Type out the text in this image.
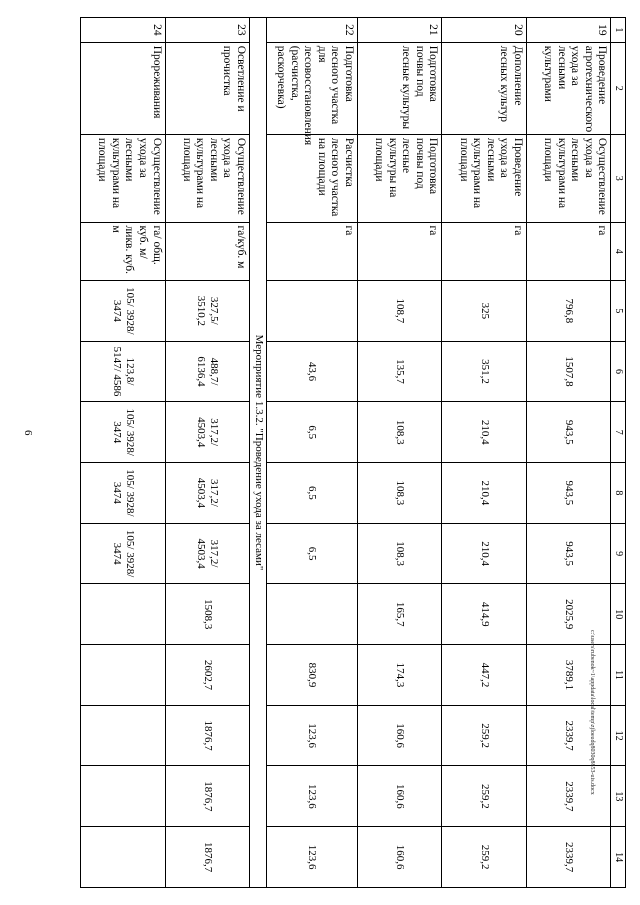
6
1	2	3	4	5	6	7	8	9	10	11	12	13	14
19	Проведение агротехнического ухода за лесными культурами	Осуществление ухода за лесными культурами на площади	га	796,8	1507,8	943,5	943,5	943,5	2025,9	3789,1	2339,7	2339,7	2339,7
20	Дополнение лесных культур	Проведение ухода за лесными культурами на площади	га	325	351,2	210,4	210,4	210,4	414,9	447,2	259,2	259,2	259,2
21	Подготовка почвы под лесные культуры	Подготовка почвы под лесные культуры на площади	га	108,7	135,7	108,3	108,3	108,3	165,7	174,3	160,6	160,6	160,6
22	Подготовка лесного участка для лесовосстановления (расчистка, раскорчевка)	Расчистка лесного участка на площади	га		43,6	6,5	6,5	6,5		830,9	123,6	123,6	123,6
Мероприятие 1.3.2. "Проведение ухода за лесами"													
23	Осветление и прочистка	Осуществление ухода за лесными культурами на площади	га/куб. м	327,5/ 3510,2	488,7/ 6136,4	317,2/ 4503,4	317,2/ 4503,4	317,2/ 4503,4	1508,3	2602,7	1876,7	1876,7	1876,7
24	Прореживания	Осуществление ухода за лесными культурами на площади	га/ общ. куб. м/ ликв. куб. м	105/ 3928/ 3474	123,8/ 5147/ 4586	105/ 3928/ 3474	105/ 3928/ 3474	105/ 3928/ 3474					
c:\users\rubenok~1\appdata\local\temp\zjloeudq8030q8853-uis.docx
